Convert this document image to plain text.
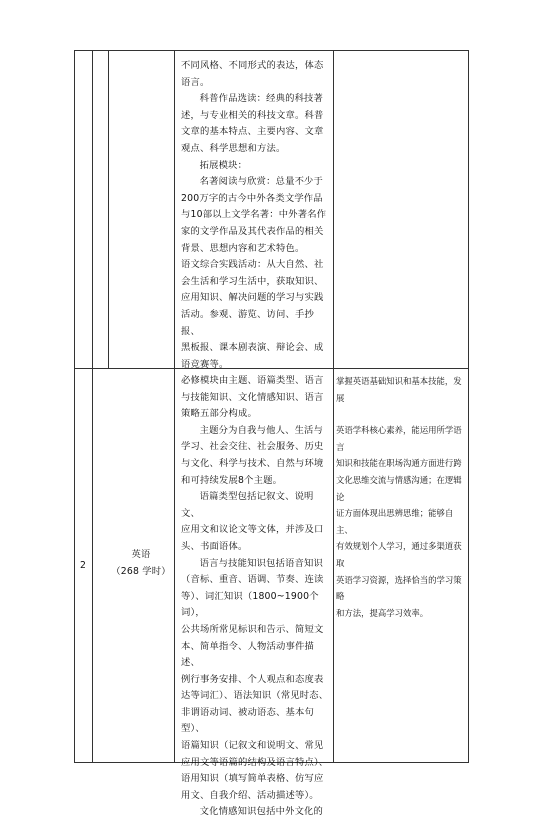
不同风格、不同形式的表达，体态
语言。

科普作品选读：经典的科技著
述，与专业相关的科技文章。科普
文章的基本特点、主要内容、文章
观点、科学思想和方法。

拓展模块：

名著阅读与欣赏：总量不少于
200万字的古今中外各类文学作品
与10部以上文学名著：中外著名作
家的文学作品及其代表作品的相关
背景、思想内容和艺术特色。

语文综合实践活动：从大自然、社
会生活和学习生活中，获取知识、
应用知识、解决问题的学习与实践
活动。参观、游览、访问、手抄报、
黑板报、课本剧表演、辩论会、成
语竞赛等。

2
英语
（268 学时）

必修模块由主题、语篇类型、语言
与技能知识、文化情感知识、语言
策略五部分构成。

主题分为自我与他人、生活与
学习、社会交往、社会服务、历史
与文化、科学与技术、自然与环境
和可持续发展8个主题。

语篇类型包括记叙文、说明文、
应用文和议论文等文体，并涉及口
头、书面语体。

语言与技能知识包括语音知识
（音标、重音、语调、节奏、连读
等）、词汇知识（1800~1900个词），
公共场所常见标识和告示、简短文
本、简单指令、人物活动事件描述、
例行事务安排、个人观点和态度表
达等词汇）、语法知识（常见时态、
非谓语动词、被动语态、基本句型）、
语篇知识（记叙文和说明文、常见
应用文等语篇的结构及语言特点）、
语用知识（填写简单表格、仿写应
用文、自我介绍、活动描述等）。

文化情感知识包括中外文化的

掌握英语基础知识和基本技能，发展

英语学科核心素养，能运用所学语言
知识和技能在职场沟通方面进行跨
文化思维交流与情感沟通；在逻辑论
证方面体现出思辨思维；能够自主、
有效规划个人学习，通过多渠道获取
英语学习资源，选择恰当的学习策略
和方法，提高学习效率。
